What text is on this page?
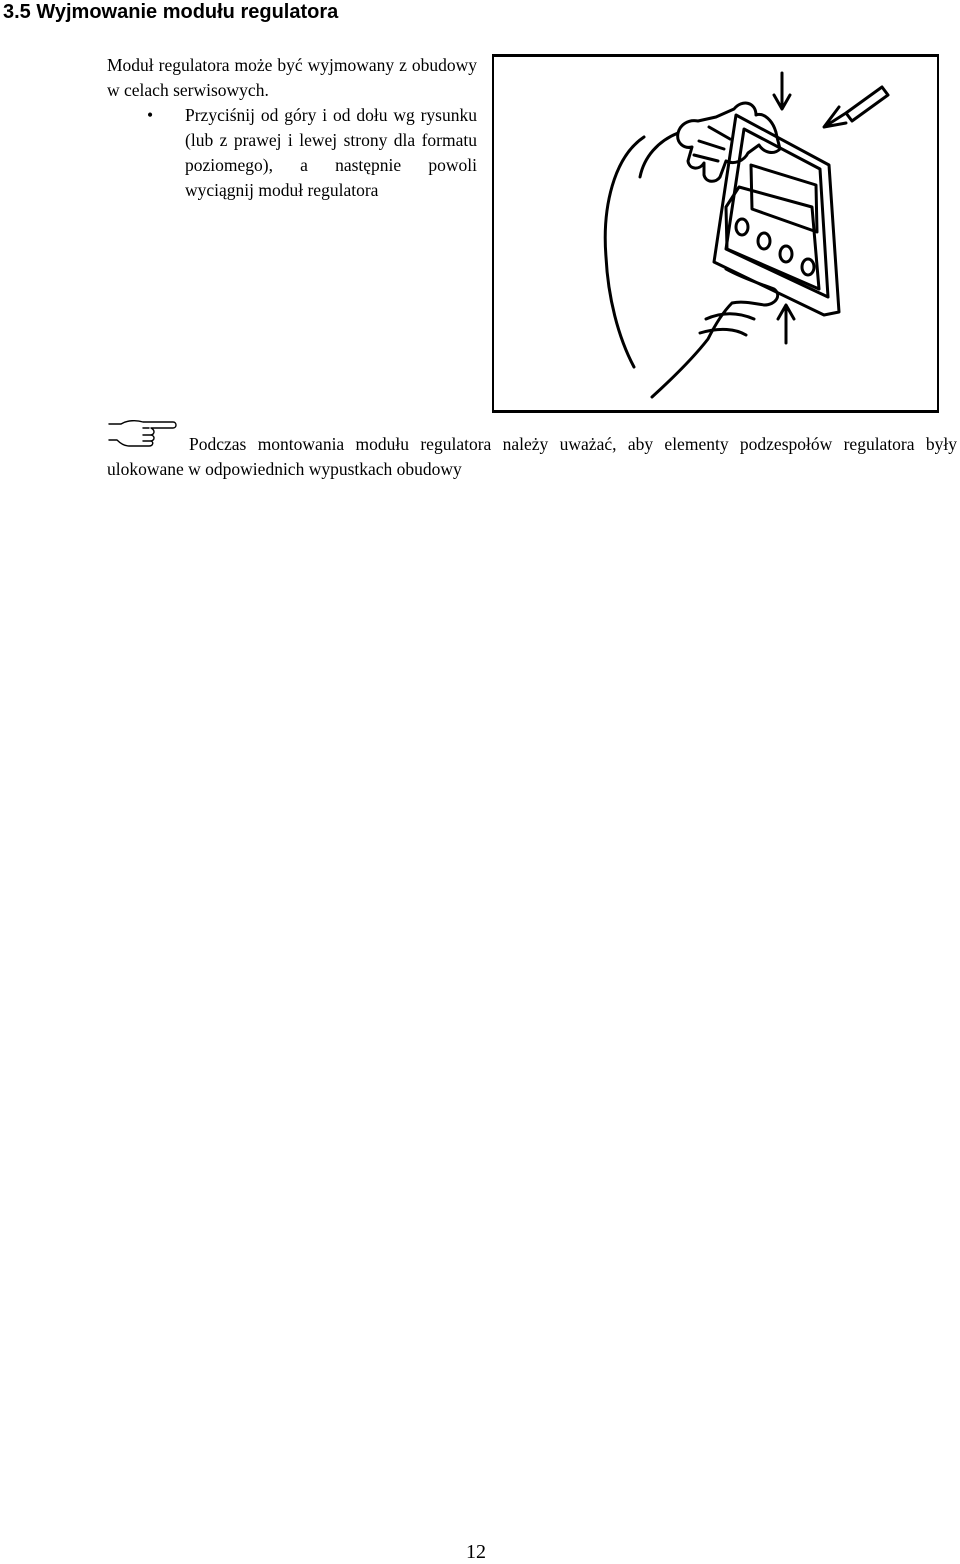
3.5 Wyjmowanie modułu regulatora
Moduł regulatora może być wyjmowany z obudowy w celach serwisowych.
• Przyciśnij od góry i od dołu wg rysunku (lub z prawej i lewej strony dla formatu poziomego), a następnie powoli wyciągnij moduł regulatora
Podczas montowania modułu regulatora należy uważać, aby elementy podzespołów regulatora były ulokowane w odpowiednich wypustkach obudowy
12
